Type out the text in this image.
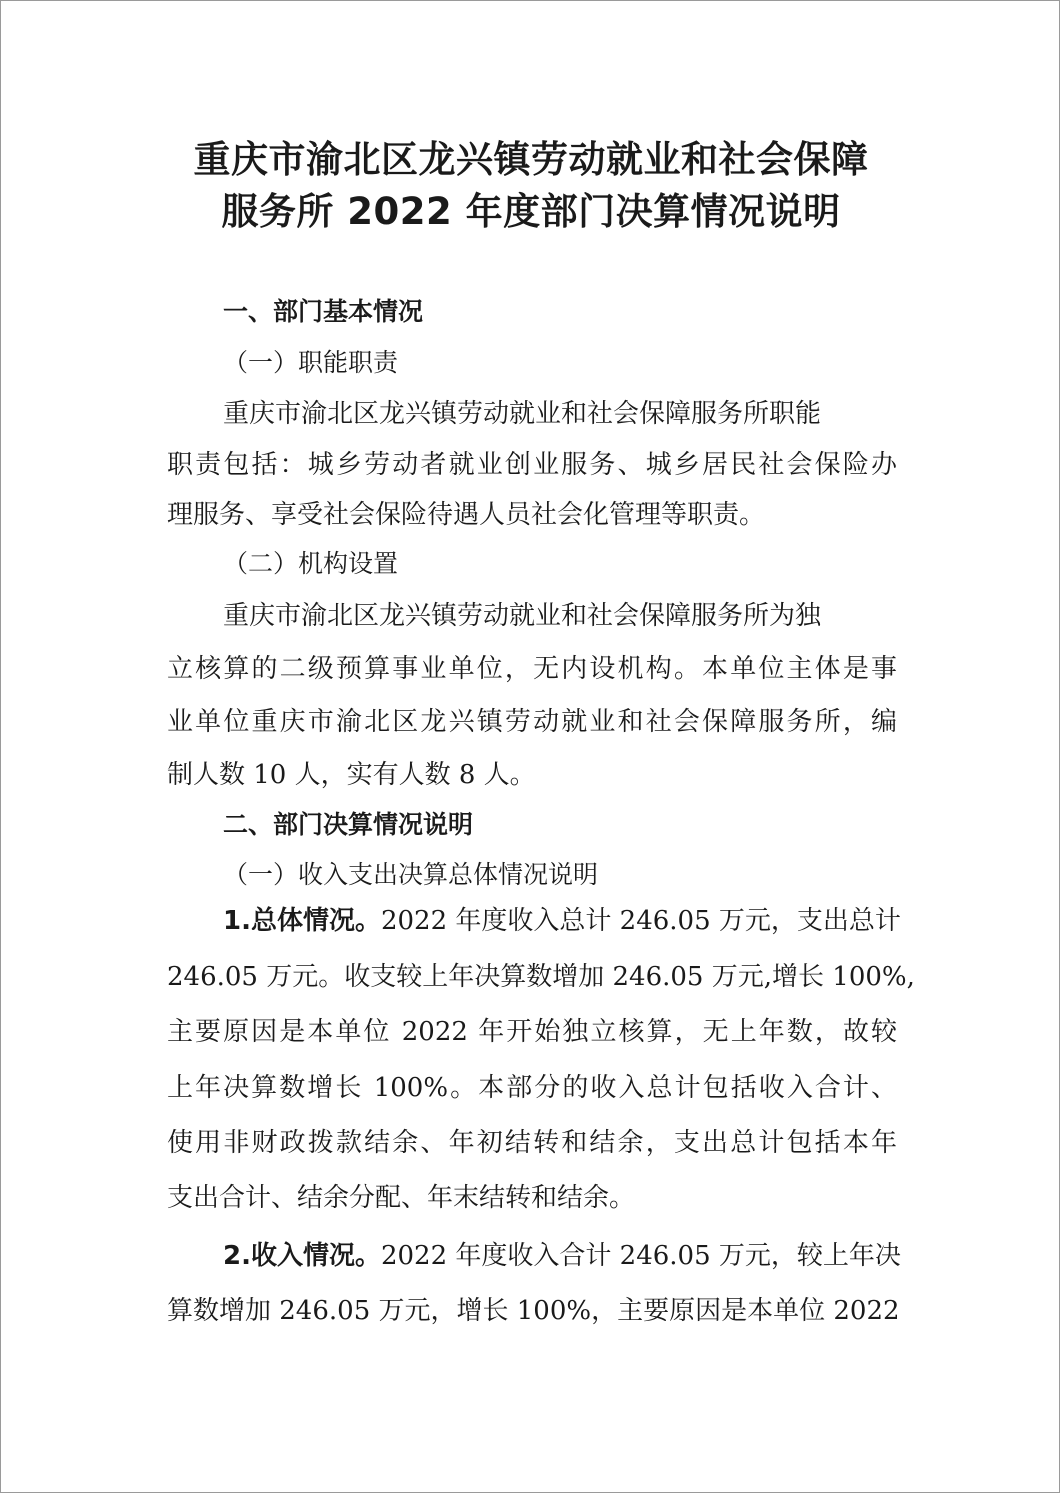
重庆市渝北区龙兴镇劳动就业和社会保障
服务所 2022 年度部门决算情况说明
一、部门基本情况
（一）职能职责
重庆市渝北区龙兴镇劳动就业和社会保障服务所职能
职责包括：城乡劳动者就业创业服务、城乡居民社会保险办
理服务、享受社会保险待遇人员社会化管理等职责。
（二）机构设置
重庆市渝北区龙兴镇劳动就业和社会保障服务所为独
立核算的二级预算事业单位，无内设机构。本单位主体是事
业单位重庆市渝北区龙兴镇劳动就业和社会保障服务所，编
制人数 10 人，实有人数 8 人。
二、部门决算情况说明
（一）收入支出决算总体情况说明
1.总体情况。2022 年度收入总计 246.05 万元，支出总计
246.05 万元。收支较上年决算数增加 246.05 万元,增长 100%,
主要原因是本单位 2022 年开始独立核算，无上年数，故较
上年决算数增长 100%。本部分的收入总计包括收入合计、
使用非财政拨款结余、年初结转和结余，支出总计包括本年
支出合计、结余分配、年末结转和结余。
2.收入情况。2022 年度收入合计 246.05 万元，较上年决
算数增加 246.05 万元，增长 100%，主要原因是本单位 2022
